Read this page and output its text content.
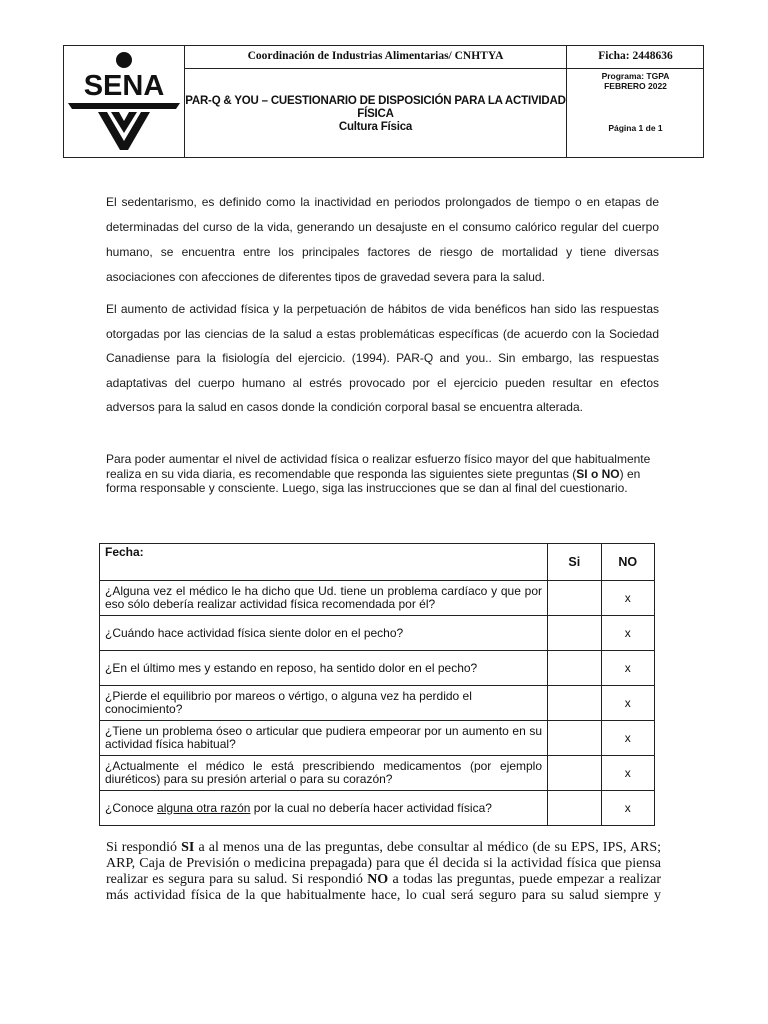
SENA
Coordinación de Industrias Alimentarias/ CNHTYA	Ficha: 2448636
PAR-Q & YOU – CUESTIONARIO DE DISPOSICIÓN PARA LA ACTIVIDAD
FÍSICA
Cultura Física
Programa: TGPA
FEBRERO 2022
Página 1 de 1

El sedentarismo, es definido como la inactividad en periodos prolongados de tiempo o en etapas de determinadas del curso de la vida, generando un desajuste en el consumo calórico regular del cuerpo humano, se encuentra entre los principales factores de riesgo de mortalidad y tiene diversas asociaciones con afecciones de diferentes tipos de gravedad severa para la salud.

El aumento de actividad física y la perpetuación de hábitos de vida benéficos han sido las respuestas otorgadas por las ciencias de la salud a estas problemáticas específicas (de acuerdo con la Sociedad Canadiense para la fisiología del ejercicio. (1994). PAR-Q and you.. Sin embargo, las respuestas adaptativas del cuerpo humano al estrés provocado por el ejercicio pueden resultar en efectos adversos para la salud en casos donde la condición corporal basal se encuentra alterada.

Para poder aumentar el nivel de actividad física o realizar esfuerzo físico mayor del que habitualmente realiza en su vida diaria, es recomendable que responda las siguientes siete preguntas (SI o NO) en forma responsable y consciente. Luego, siga las instrucciones que se dan al final del cuestionario.

Fecha:	Si	NO
¿Alguna vez el médico le ha dicho que Ud. tiene un problema cardíaco y que por eso sólo debería realizar actividad física recomendada por él?		x
¿Cuándo hace actividad física siente dolor en el pecho?		x
¿En el último mes y estando en reposo, ha sentido dolor en el pecho?		x
¿Pierde el equilibrio por mareos o vértigo, o alguna vez ha perdido el conocimiento?		x
¿Tiene un problema óseo o articular que pudiera empeorar por un aumento en su actividad física habitual?		x
¿Actualmente el médico le está prescribiendo medicamentos (por ejemplo diuréticos) para su presión arterial o para su corazón?		x
¿Conoce alguna otra razón por la cual no debería hacer actividad física?		x

Si respondió SI a al menos una de las preguntas, debe consultar al médico (de su EPS, IPS, ARS; ARP, Caja de Previsión o medicina prepagada) para que él decida si la actividad física que piensa realizar es segura para su salud. Si respondió NO a todas las preguntas, puede empezar a realizar más actividad física de la que habitualmente hace, lo cual será seguro para su salud siempre y
